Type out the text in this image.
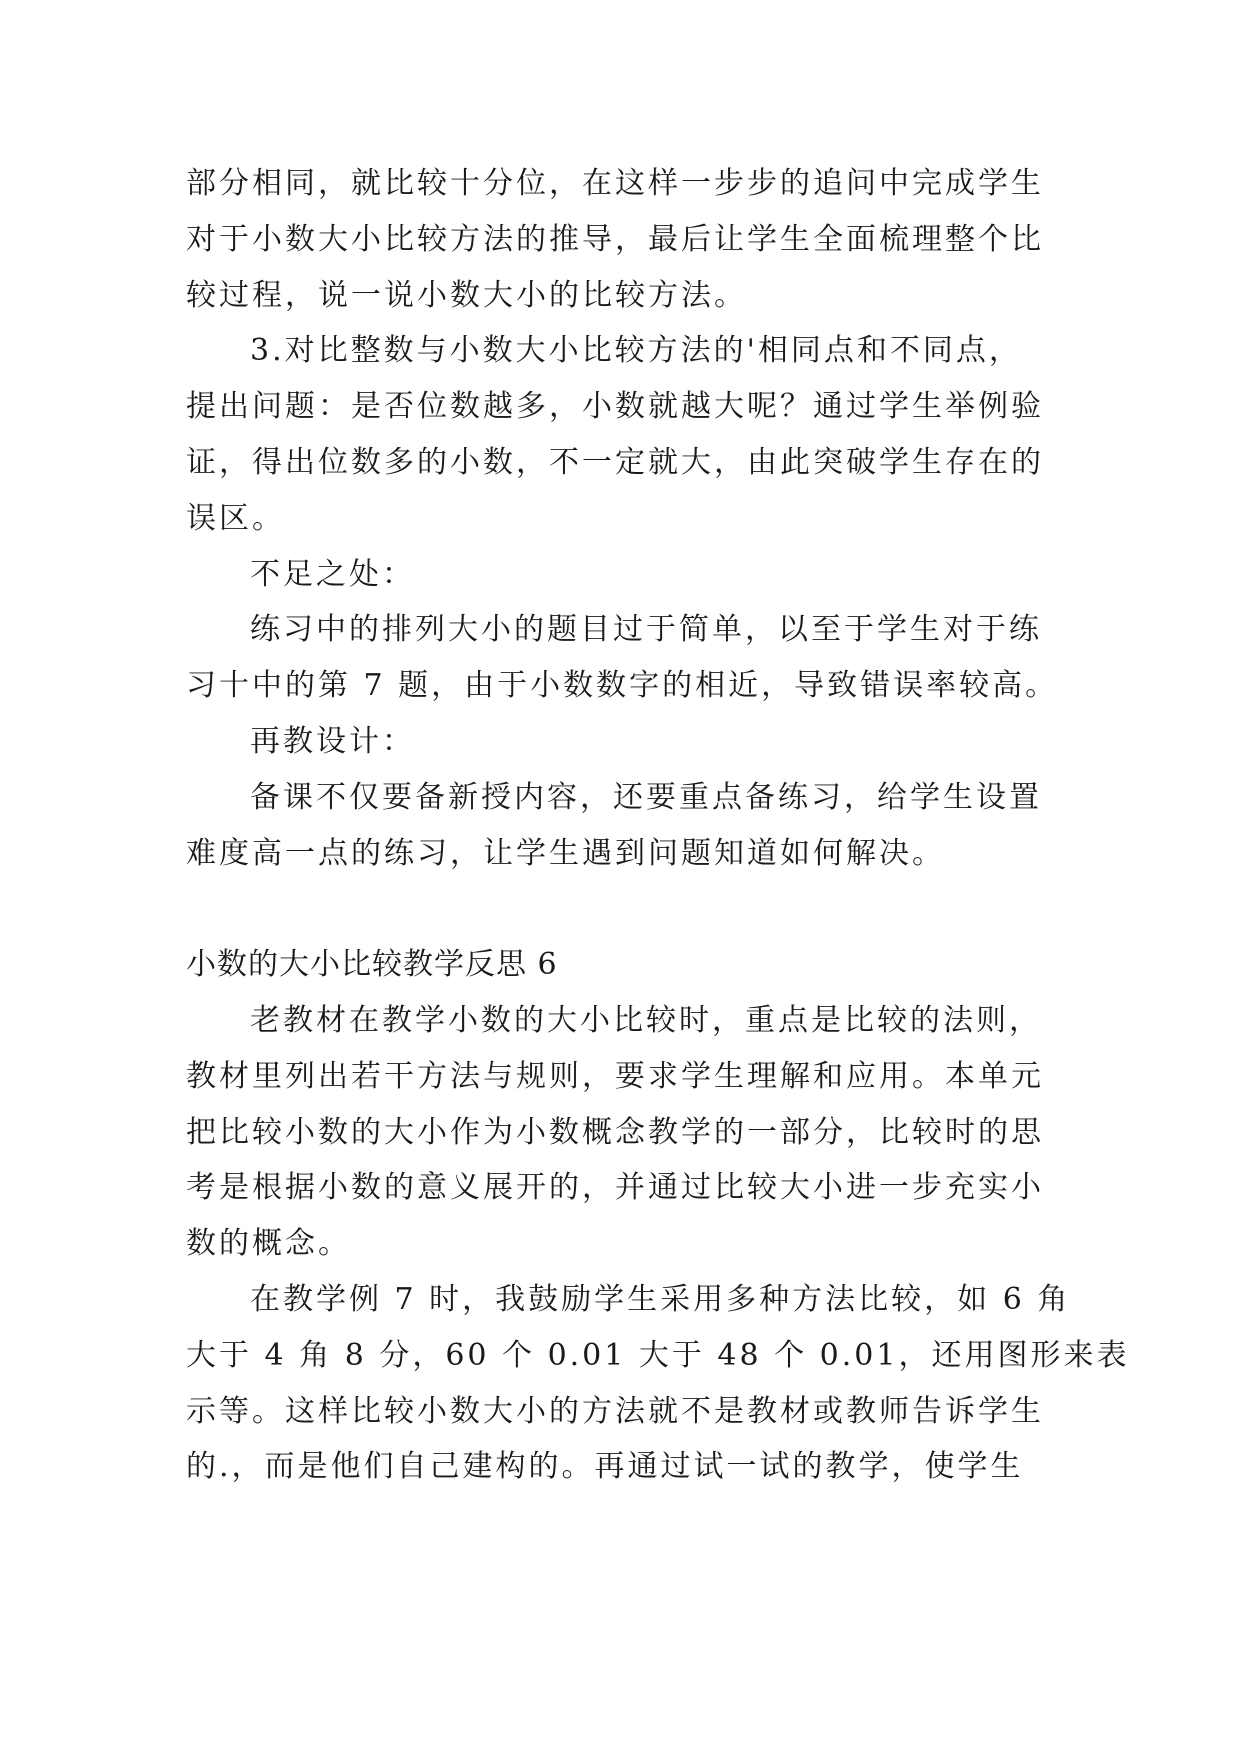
部分相同，就比较十分位，在这样一步步的追问中完成学生
对于小数大小比较方法的推导，最后让学生全面梳理整个比
较过程，说一说小数大小的比较方法。

3.对比整数与小数大小比较方法的'相同点和不同点，
提出问题：是否位数越多，小数就越大呢？通过学生举例验
证，得出位数多的小数，不一定就大，由此突破学生存在的
误区。

不足之处：

练习中的排列大小的题目过于简单，以至于学生对于练
习十中的第 7 题，由于小数数字的相近，导致错误率较高。

再教设计：

备课不仅要备新授内容，还要重点备练习，给学生设置
难度高一点的练习，让学生遇到问题知道如何解决。

小数的大小比较教学反思 6

老教材在教学小数的大小比较时，重点是比较的法则，
教材里列出若干方法与规则，要求学生理解和应用。本单元
把比较小数的大小作为小数概念教学的一部分，比较时的思
考是根据小数的意义展开的，并通过比较大小进一步充实小
数的概念。

在教学例 7 时，我鼓励学生采用多种方法比较，如 6 角
大于 4 角 8 分，60 个 0.01 大于 48 个 0.01，还用图形来表
示等。这样比较小数大小的方法就不是教材或教师告诉学生
的.，而是他们自己建构的。再通过试一试的教学，使学生
